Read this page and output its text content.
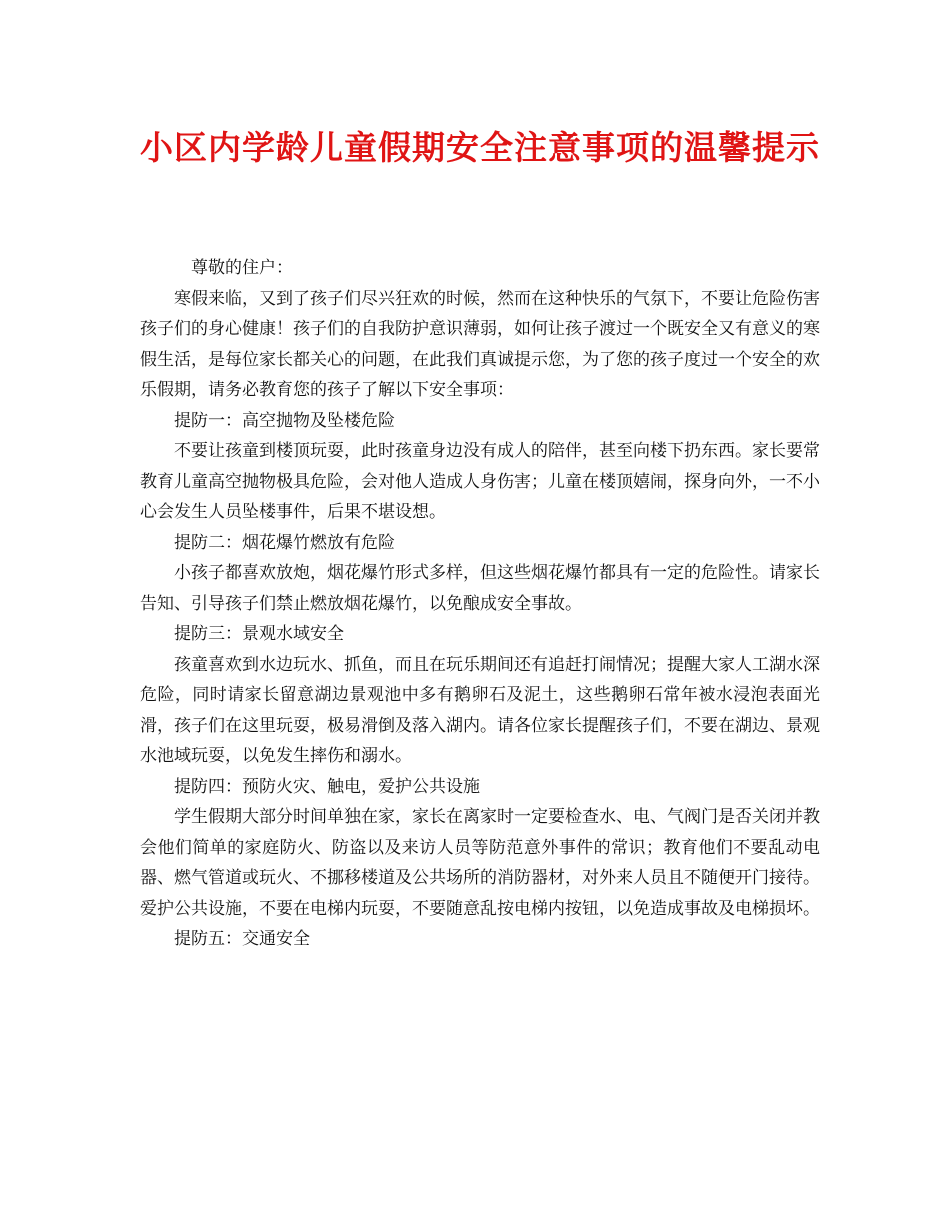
小区内学龄儿童假期安全注意事项的温馨提示

尊敬的住户：

寒假来临，又到了孩子们尽兴狂欢的时候，然而在这种快乐的气氛下，不要让危险伤害孩子们的身心健康！孩子们的自我防护意识薄弱，如何让孩子渡过一个既安全又有意义的寒假生活，是每位家长都关心的问题，在此我们真诚提示您，为了您的孩子度过一个安全的欢乐假期，请务必教育您的孩子了解以下安全事项：

提防一：高空抛物及坠楼危险

不要让孩童到楼顶玩耍，此时孩童身边没有成人的陪伴，甚至向楼下扔东西。家长要常教育儿童高空抛物极具危险，会对他人造成人身伤害；儿童在楼顶嬉闹，探身向外，一不小心会发生人员坠楼事件，后果不堪设想。

提防二：烟花爆竹燃放有危险

小孩子都喜欢放炮，烟花爆竹形式多样，但这些烟花爆竹都具有一定的危险性。请家长告知、引导孩子们禁止燃放烟花爆竹，以免酿成安全事故。

提防三：景观水域安全

孩童喜欢到水边玩水、抓鱼，而且在玩乐期间还有追赶打闹情况；提醒大家人工湖水深危险，同时请家长留意湖边景观池中多有鹅卵石及泥土，这些鹅卵石常年被水浸泡表面光滑，孩子们在这里玩耍，极易滑倒及落入湖内。请各位家长提醒孩子们，不要在湖边、景观水池域玩耍，以免发生摔伤和溺水。

提防四：预防火灾、触电，爱护公共设施

学生假期大部分时间单独在家，家长在离家时一定要检查水、电、气阀门是否关闭并教会他们简单的家庭防火、防盗以及来访人员等防范意外事件的常识；教育他们不要乱动电器、燃气管道或玩火、不挪移楼道及公共场所的消防器材，对外来人员且不随便开门接待。爱护公共设施，不要在电梯内玩耍，不要随意乱按电梯内按钮，以免造成事故及电梯损坏。

提防五：交通安全
